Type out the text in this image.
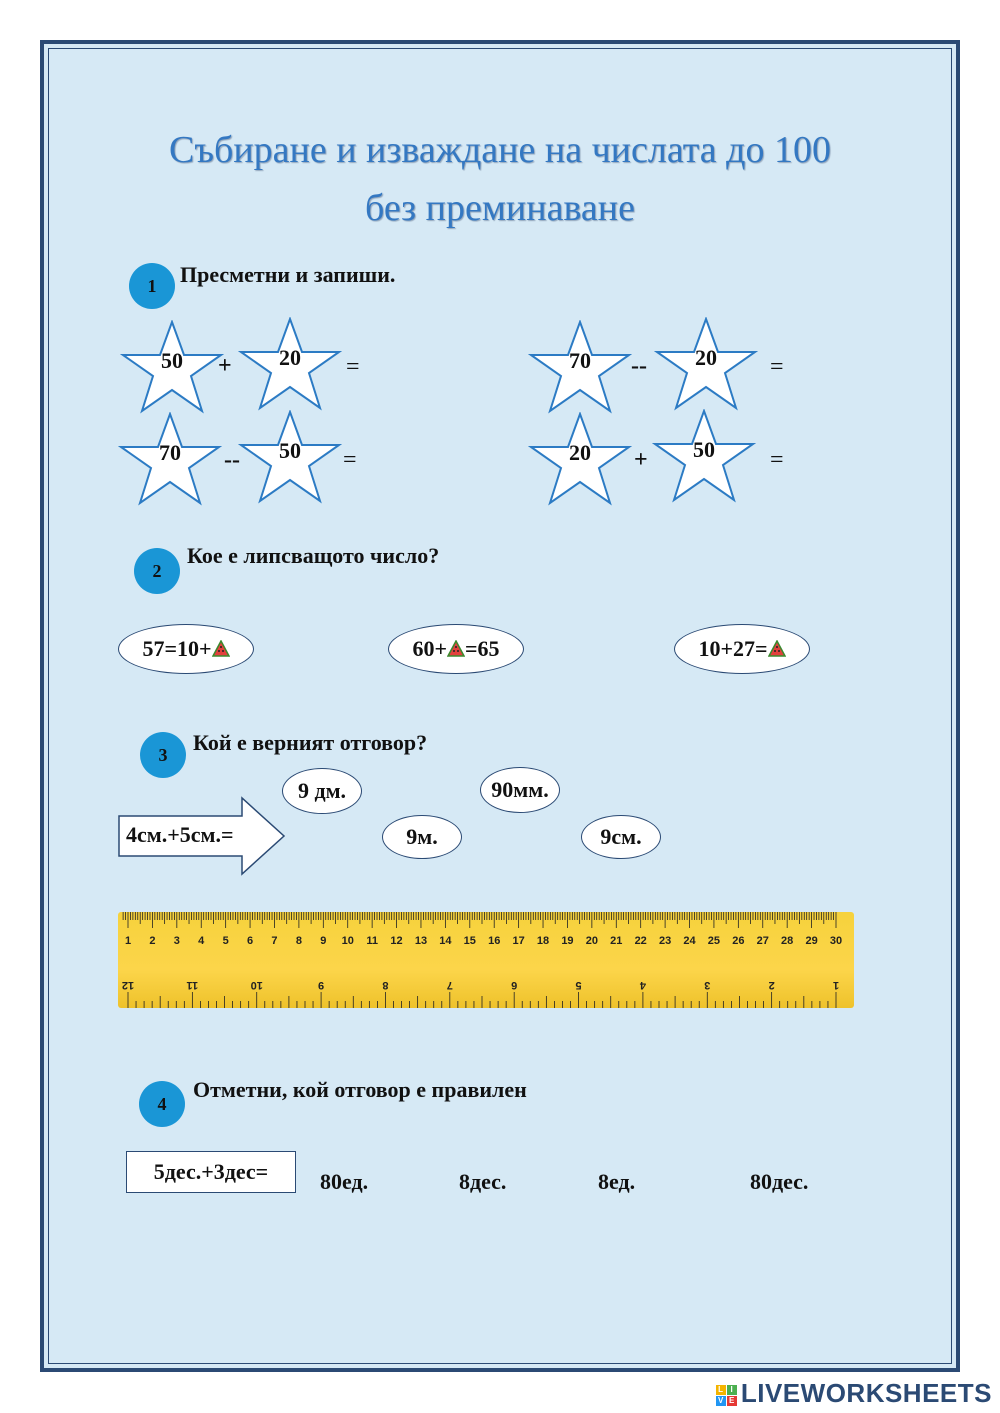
Събиране и изваждане на числата до 100
без преминаване
1	Пресметни и запиши.
50	+	20	=	70	--	20	=
70	--	50	=	20	+	50	=
2
Кое е липсващото число?
57=10+	60+ =65	10+27=
3	Кой е верният отговор?
4см.+5см.=
9 дм.	90мм.
9м.	9см.
1 2 3 4 5 6 7 8 9 10 11 12 13 14 15 16 17 18 19 20 21 22 23 24 25 26 27 28 29 30
12	11	10	9	8	7	6	5	4	3	2	1
4
Отметни, кой отговор е правилен
5дес.+3дес=	80ед.	8дес.	8ед.	80дес.
L I
V E LIVEWORKSHEETS
